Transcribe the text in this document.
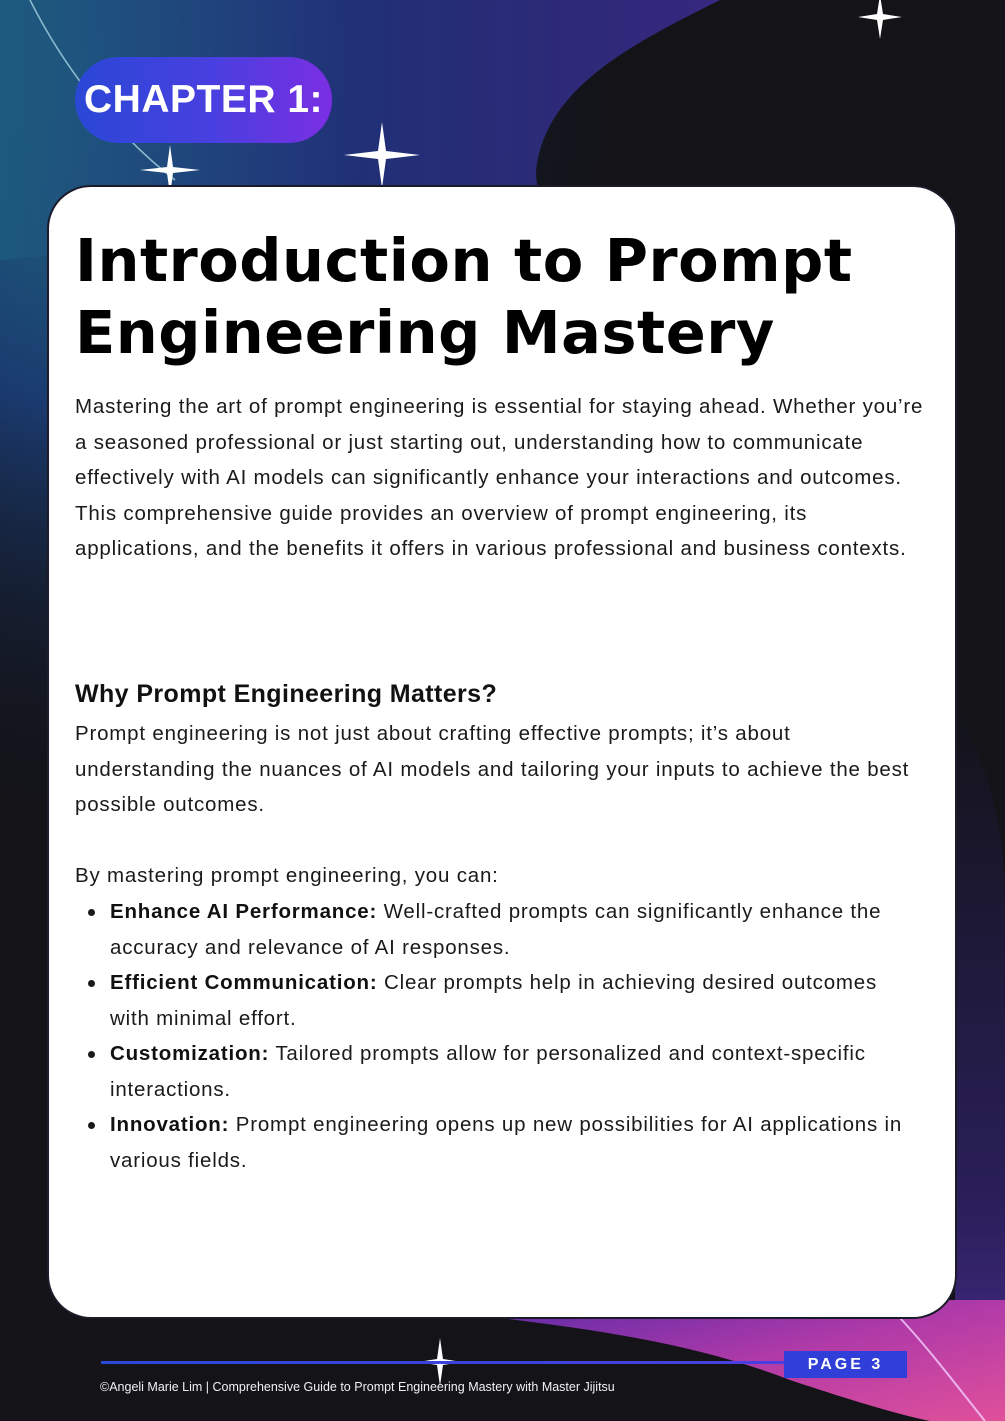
CHAPTER 1:
Introduction to Prompt
Engineering Mastery

Mastering the art of prompt engineering is essential for staying ahead. Whether you’re a seasoned professional or just starting out, understanding how to communicate effectively with AI models can significantly enhance your interactions and outcomes. This comprehensive guide provides an overview of prompt engineering, its applications, and the benefits it offers in various professional and business contexts.

Why Prompt Engineering Matters?

Prompt engineering is not just about crafting effective prompts; it’s about understanding the nuances of AI models and tailoring your inputs to achieve the best possible outcomes.

By mastering prompt engineering, you can:

Enhance AI Performance: Well-crafted prompts can significantly enhance the accuracy and relevance of AI responses.
Efficient Communication: Clear prompts help in achieving desired outcomes with minimal effort.
Customization: Tailored prompts allow for personalized and context-specific interactions.
Innovation: Prompt engineering opens up new possibilities for AI applications in various fields.
PAGE 3

©Angeli Marie Lim | Comprehensive Guide to Prompt Engineering Mastery with Master Jijitsu
